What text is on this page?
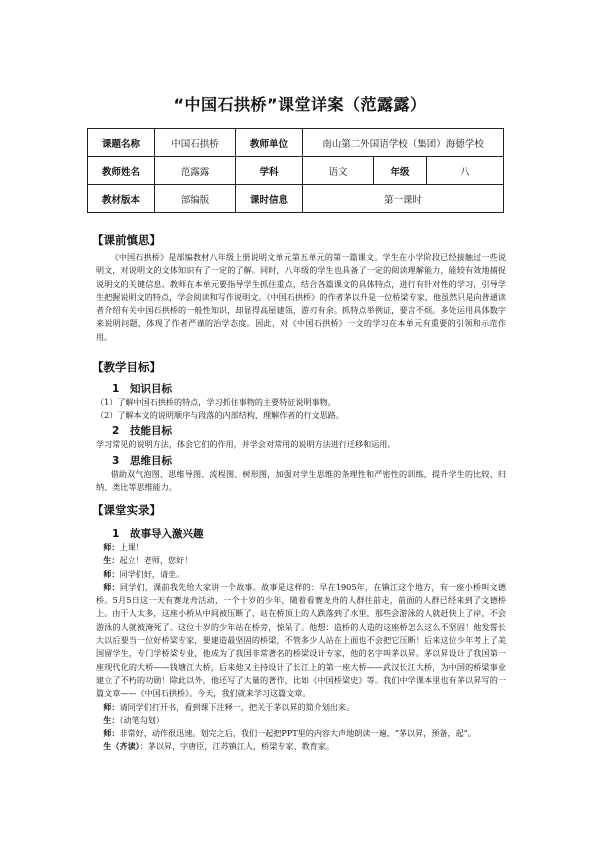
“中国石拱桥”课堂详案（范露露）
课题名称	中国石拱桥	教师单位	南山第二外国语学校（集团）海德学校		
教师姓名	范露露	学科	语文	年级	八
教材版本	部编版	课时信息	第一课时		
【课前慎思】

《中国石拱桥》是部编教材八年级上册说明文单元第五单元的第一篇课文。学生在小学阶段已经接触过一些说明文，对说明文的文体知识有了一定的了解。同时，八年级的学生也具备了一定的阅读理解能力，能较有效地捕捉说明文的关键信息。教师在本单元要指导学生抓住重点，结合各篇课文的具体特点，进行有针对性的学习，引导学生把握说明文的特点，学会阅读和写作说明文。《中国石拱桥》的作者茅以升是一位桥梁专家，他虽然只是向普通读者介绍有关中国石拱桥的一般性知识，却显得高屋建瓴，游刃有余。抓特点举例证，要言不烦。多处运用具体数字来说明问题，体现了作者严谨的治学态度。因此，对《中国石拱桥》一文的学习在本单元有重要的引领和示范作用。

【教学目标】
1 知识目标
（1）了解中国石拱桥的特点，学习抓住事物的主要特征说明事物。
（2）了解本文的说明顺序与段落的内部结构，理解作者的行文思路。
2 技能目标
学习常见的说明方法，体会它们的作用，并学会对常用的说明方法进行迁移和运用。
3 思维目标

借助双气泡图、思维导图、流程图、树形图，加强对学生思维的条理性和严密性的训练，提升学生的比较、归纳、类比等思维能力。

【课堂实录】
1 故事导入激兴趣

师：上课！

生：起立！老师，您好！

师：同学们好，请坐。

师：同学们，课前我先给大家讲一个故事。故事是这样的：早在1905年，在镇江这个地方，有一座小桥叫文德桥。5月5日这一天有赛龙舟活动，一个十岁的少年，随着看赛龙舟的人群往前走，前面的人群已经来到了文德桥上。由于人太多，这座小桥从中间被压断了，站在桥顶上的人跌落到了水里，那些会游泳的人就赶快上了岸，不会游泳的人就被淹死了。这位十岁的少年站在桥旁，惊呆了。他想：造桥的人造的这座桥怎么这么不坚固！他发誓长大以后要当一位好桥梁专家，要建造最坚固的桥梁，不管多少人站在上面也不会把它压断！后来这位少年考上了美国留学生，专门学桥梁专业，他成为了我国非常著名的桥梁设计专家，他的名字叫茅以昇。茅以昇设计了我国第一座现代化的大桥——钱塘江大桥，后来他又主持设计了长江上的第一座大桥——武汉长江大桥，为中国的桥梁事业建立了不朽的功勋！除此以外，他还写了大量的著作，比如《中国桥梁史》等。我们中学课本里也有茅以昇写的一篇文章——《中国石拱桥》。今天，我们就来学习这篇文章。

师：请同学们打开书，看到课下注释一，把关于茅以昇的简介划出来。

生：（动笔勾划）

师：非常好，动作很迅速。划完之后，我们一起把PPT里的内容大声地朗读一遍，“茅以昇，预备，起”。

生（齐读）：茅以昇，字唐臣，江苏镇江人，桥梁专家、教育家。
